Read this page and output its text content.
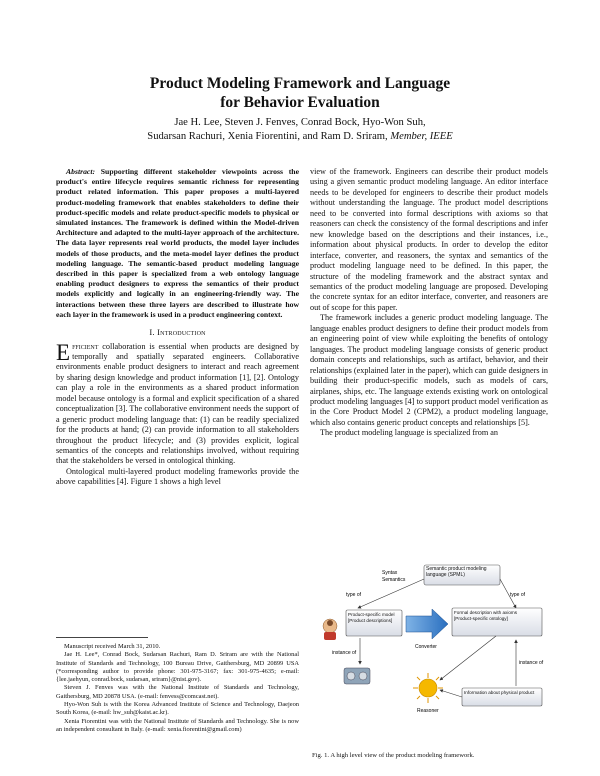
Product Modeling Framework and Language
for Behavior Evaluation
Jae H. Lee, Steven J. Fenves, Conrad Bock, Hyo-Won Suh,
Sudarsan Rachuri, Xenia Fiorentini, and Ram D. Sriram, Member, IEEE

Abstract: Supporting different stakeholder viewpoints across the product's entire lifecycle requires semantic richness for representing product related information. This paper proposes a multi-layered product-modeling framework that enables stakeholders to define their product-specific models and relate product-specific models to physical or simulated instances. The framework is defined within the Model-driven Architecture and adapted to the multi-layer approach of the architecture. The data layer represents real world products, the model layer includes models of those products, and the meta-model layer defines the product modeling language. The semantic-based product modeling language described in this paper is specialized from a web ontology language enabling product designers to express the semantics of their product models explicitly and logically in an engineering-friendly way. The interactions between these three layers are described to illustrate how each layer in the framework is used in a product engineering context.

I. Introduction

Efficient collaboration is essential when products are designed by temporally and spatially separated engineers. Collaborative environments enable product designers to interact and reach agreement by sharing design knowledge and product information [1], [2]. Ontology can play a role in the environments as a shared product information model because ontology is a formal and explicit specification of a shared conceptualization [3]. The collaborative environment needs the support of a generic product modeling language that: (1) can be readily specialized for the products at hand; (2) can provide information to all stakeholders throughout the product lifecycle; and (3) provides explicit, logical semantics of the concepts and relationships involved, without requiring that the stakeholders be versed in ontological thinking.

Ontological multi-layered product modeling frameworks provide the above capabilities [4]. Figure 1 shows a high level

Manuscript received March 31, 2010.

Jae H. Lee*, Conrad Bock, Sudarsan Rachuri, Ram D. Sriram are with the National Institute of Standards and Technology, 100 Bureau Drive, Gaithersburg, MD 20899 USA (*corresponding author to provide phone: 301-975-3167; fax: 301-975-4635; e-mail: {lee.jaehyun, conrad.bock, sudarsan, sriram}@nist.gov).

Steven J. Fenves was with the National Institute of Standards and Technology, Gaithersburg, MD 20878 USA. (e-mail: fenvess@comcast.net).

Hyo-Won Suh is with the Korea Advanced Institute of Science and Technology, Daejeon South Korea, (e-mail: hw_suh@kaist.ac.kr).

Xenia Fiorentini was with the National Institute of Standards and Technology. She is now an independent consultant in Italy. (e-mail: xenia.fiorentini@gmail.com)

view of the framework. Engineers can describe their product models using a given semantic product modeling language. An editor interface needs to be developed for engineers to describe their product models without understanding the language. The product model descriptions need to be converted into formal descriptions with axioms so that reasoners can check the consistency of the formal descriptions and infer new knowledge based on the descriptions and their instances, i.e., information about physical products. In order to develop the editor interface, converter, and reasoners, the syntax and semantics of the product modeling language need to be defined. In this paper, the structure of the modeling framework and the abstract syntax and semantics of the product modeling language are proposed. Developing the concrete syntax for an editor interface, converter, and reasoners are out of scope for this paper.

The framework includes a generic product modeling language. The language enables product designers to define their product models from an engineering point of view while exploiting the benefits of ontology languages. The product modeling language consists of generic product domain concepts and relationships, such as artifact, behavior, and their relationships (explained later in the paper), which can guide designers in building their product-specific models, such as models of cars, airplanes, ships, etc. The language extends existing work on ontological product modeling languages [4] to support product model verification as in the Core Product Model 2 (CPM2), a product modeling language, which also contains generic product concepts and relationships [5].

The product modeling language is specialized from an

Syntax
Semantics
Semantic product modeling language (SPML)
type of	type of
Product-specific model
[Product descriptions]
Converter
Formal description with axioms
[Product-specific ontology]
Reasoner
instance of
instance of
Information about physical product
Fig. 1. A high level view of the product modeling framework.
